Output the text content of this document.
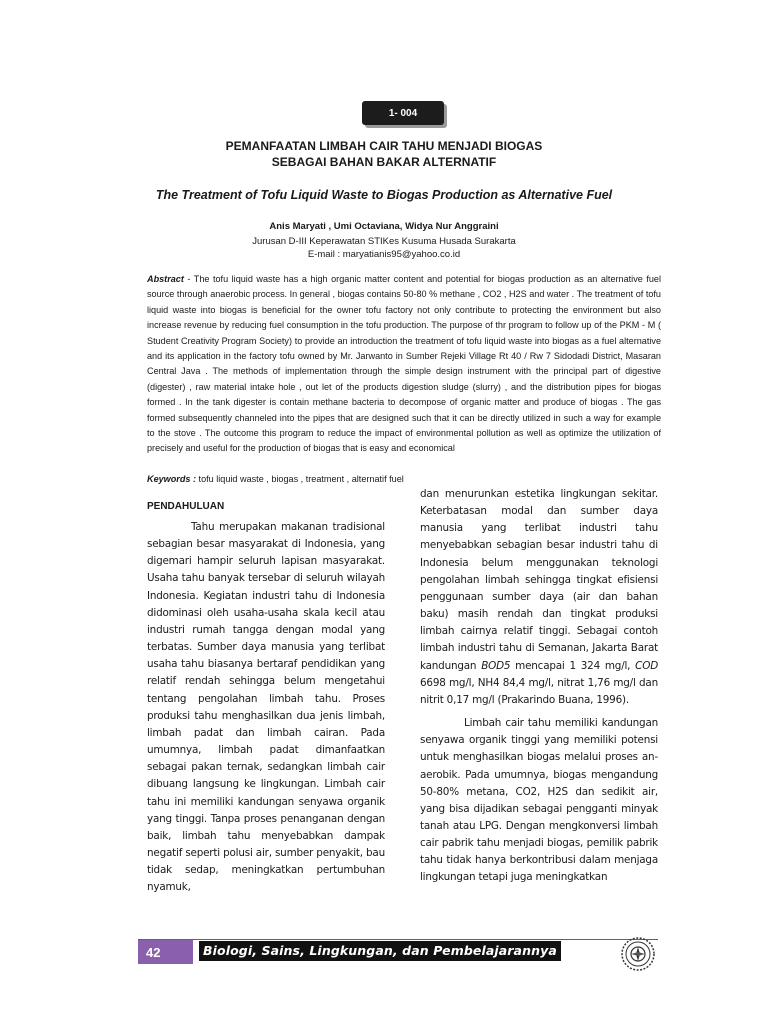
1- 004
PEMANFAATAN LIMBAH CAIR TAHU MENJADI BIOGAS
SEBAGAI BAHAN BAKAR ALTERNATIF
The Treatment of Tofu Liquid Waste to Biogas Production as Alternative Fuel
Anis Maryati , Umi Octaviana, Widya Nur Anggraini
Jurusan D-III Keperawatan STIKes Kusuma Husada Surakarta
E-mail : maryatianis95@yahoo.co.id

Abstract - The tofu liquid waste has a high organic matter content and potential for biogas production as an alternative fuel source through anaerobic process. In general , biogas contains 50-80 % methane , CO2 , H2S and water . The treatment of tofu liquid waste into biogas is beneficial for the owner tofu factory not only contribute to protecting the environment but also increase revenue by reducing fuel consumption in the tofu production. The purpose of thr program to follow up of the PKM - M ( Student Creativity Program Society) to provide an introduction the treatment of tofu liquid waste into biogas as a fuel alternative and its application in the factory tofu owned by Mr. Jarwanto in Sumber Rejeki Village Rt 40 / Rw 7 Sidodadi District, Masaran Central Java . The methods of implementation through the simple design instrument with the principal part of digestive (digester) , raw material intake hole , out let of the products digestion sludge (slurry) , and the distribution pipes for biogas formed . In the tank digester is contain methane bacteria to decompose of organic matter and produce of biogas . The gas formed subsequently channeled into the pipes that are designed such that it can be directly utilized in such a way for example to the stove . The outcome this program to reduce the impact of environmental pollution as well as optimize the utilization of precisely and useful for the production of biogas that is easy and economical

Keywords : tofu liquid waste , biogas , treatment , alternatif fuel

PENDAHULUAN

Tahu merupakan makanan tradisional sebagian besar masyarakat di Indonesia, yang digemari hampir seluruh lapisan masyarakat. Usaha tahu banyak tersebar di seluruh wilayah Indonesia. Kegiatan industri tahu di Indonesia didominasi oleh usaha-usaha skala kecil atau industri rumah tangga dengan modal yang terbatas. Sumber daya manusia yang terlibat usaha tahu biasanya bertaraf pendidikan yang relatif rendah sehingga belum mengetahui tentang pengolahan limbah tahu. Proses produksi tahu menghasilkan dua jenis limbah, limbah padat dan limbah cairan. Pada umumnya, limbah padat dimanfaatkan sebagai pakan ternak, sedangkan limbah cair dibuang langsung ke lingkungan. Limbah cair tahu ini memiliki kandungan senyawa organik yang tinggi. Tanpa proses penanganan dengan baik, limbah tahu menyebabkan dampak negatif seperti polusi air, sumber penyakit, bau tidak sedap, meningkatkan pertumbuhan nyamuk,

dan menurunkan estetika lingkungan sekitar. Keterbatasan modal dan sumber daya manusia yang terlibat industri tahu menyebabkan sebagian besar industri tahu di Indonesia belum menggunakan teknologi pengolahan limbah sehingga tingkat efisiensi penggunaan sumber daya (air dan bahan baku) masih rendah dan tingkat produksi limbah cairnya relatif tinggi. Sebagai contoh limbah industri tahu di Semanan, Jakarta Barat kandungan BOD5 mencapai 1 324 mg/l, COD 6698 mg/l, NH4 84,4 mg/l, nitrat 1,76 mg/l dan nitrit 0,17 mg/l (Prakarindo Buana, 1996).

Limbah cair tahu memiliki kandungan senyawa organik tinggi yang memiliki potensi untuk menghasilkan biogas melalui proses an-aerobik. Pada umumnya, biogas mengandung 50-80% metana, CO2, H2S dan sedikit air, yang bisa dijadikan sebagai pengganti minyak tanah atau LPG. Dengan mengkonversi limbah cair pabrik tahu menjadi biogas, pemilik pabrik tahu tidak hanya berkontribusi dalam menjaga lingkungan tetapi juga meningkatkan

42	Biologi, Sains, Lingkungan, dan Pembelajarannya
